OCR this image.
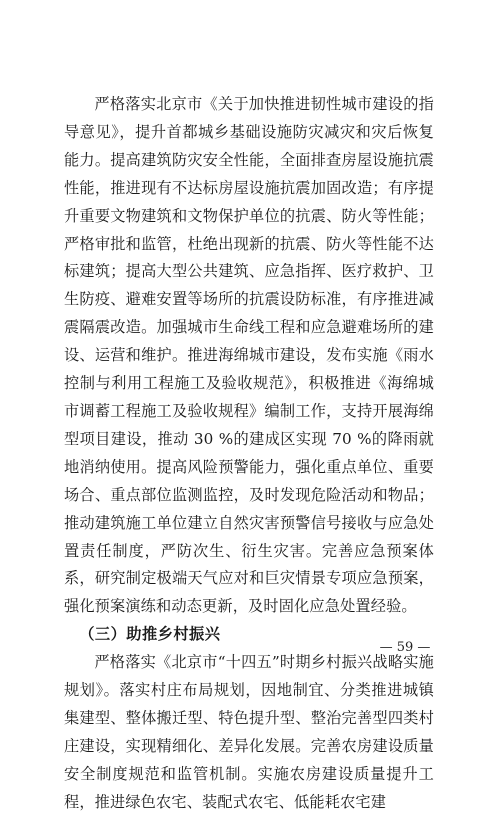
严格落实北京市《关于加快推进韧性城市建设的指导意见》，提升首都城乡基础设施防灾减灾和灾后恢复能力。提高建筑防灾安全性能，全面排查房屋设施抗震性能，推进现有不达标房屋设施抗震加固改造；有序提升重要文物建筑和文物保护单位的抗震、防火等性能；严格审批和监管，杜绝出现新的抗震、防火等性能不达标建筑；提高大型公共建筑、应急指挥、医疗救护、卫生防疫、避难安置等场所的抗震设防标准，有序推进减震隔震改造。加强城市生命线工程和应急避难场所的建设、运营和维护。推进海绵城市建设，发布实施《雨水控制与利用工程施工及验收规范》，积极推进《海绵城市调蓄工程施工及验收规程》编制工作，支持开展海绵型项目建设，推动 30 %的建成区实现 70 %的降雨就地消纳使用。提高风险预警能力，强化重点单位、重要场合、重点部位监测监控，及时发现危险活动和物品；推动建筑施工单位建立自然灾害预警信号接收与应急处置责任制度，严防次生、衍生灾害。完善应急预案体系，研究制定极端天气应对和巨灾情景专项应急预案，强化预案演练和动态更新，及时固化应急处置经验。

（三）助推乡村振兴

严格落实《北京市“十四五”时期乡村振兴战略实施规划》。落实村庄布局规划，因地制宜、分类推进城镇集建型、整体搬迁型、特色提升型、整治完善型四类村庄建设，实现精细化、差异化发展。完善农房建设质量安全制度规范和监管机制。实施农房建设质量提升工程，推进绿色农宅、装配式农宅、低能耗农宅建

— 59 —
